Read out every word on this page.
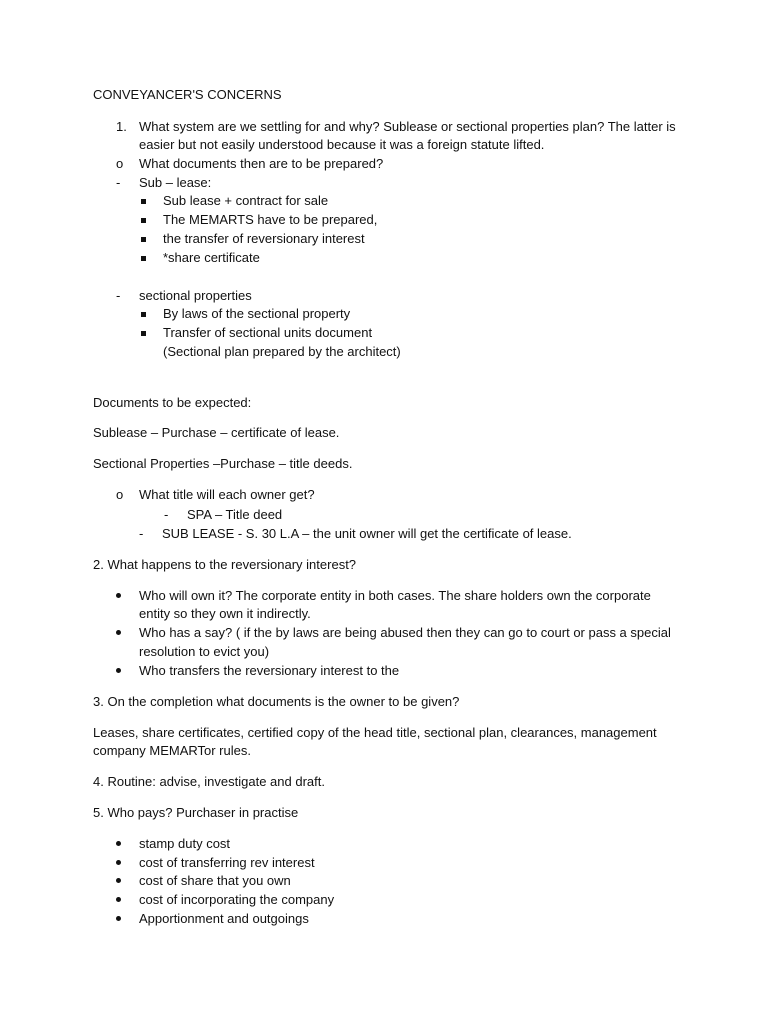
CONVEYANCER'S CONCERNS
1. What system are we settling for and why? Sublease or sectional properties plan? The latter is
easier but not easily understood because it was a foreign statute lifted.
o What documents then are to be prepared?
- Sub – lease:
Sub lease + contract for sale
The MEMARTS have to be prepared,
the transfer of reversionary interest
*share certificate
- sectional properties
By laws of the sectional property
Transfer of sectional units document
(Sectional plan prepared by the architect)
Documents to be expected:
Sublease – Purchase – certificate of lease.
Sectional Properties –Purchase – title deeds.
o What title will each owner get?
- SPA – Title deed
- SUB LEASE - S. 30 L.A – the unit owner will get the certificate of lease.
2. What happens to the reversionary interest?
Who will own it? The corporate entity in both cases. The share holders own the corporate
entity so they own it indirectly.
Who has a say? ( if the by laws are being abused then they can go to court or pass a special
resolution to evict you)
Who transfers the reversionary interest to the
3. On the completion what documents is the owner to be given?
Leases, share certificates, certified copy of the head title, sectional plan, clearances, management
company MEMARTor rules.
4. Routine: advise, investigate and draft.
5. Who pays? Purchaser in practise
stamp duty cost
cost of transferring rev interest
cost of share that you own
cost of incorporating the company
Apportionment and outgoings
